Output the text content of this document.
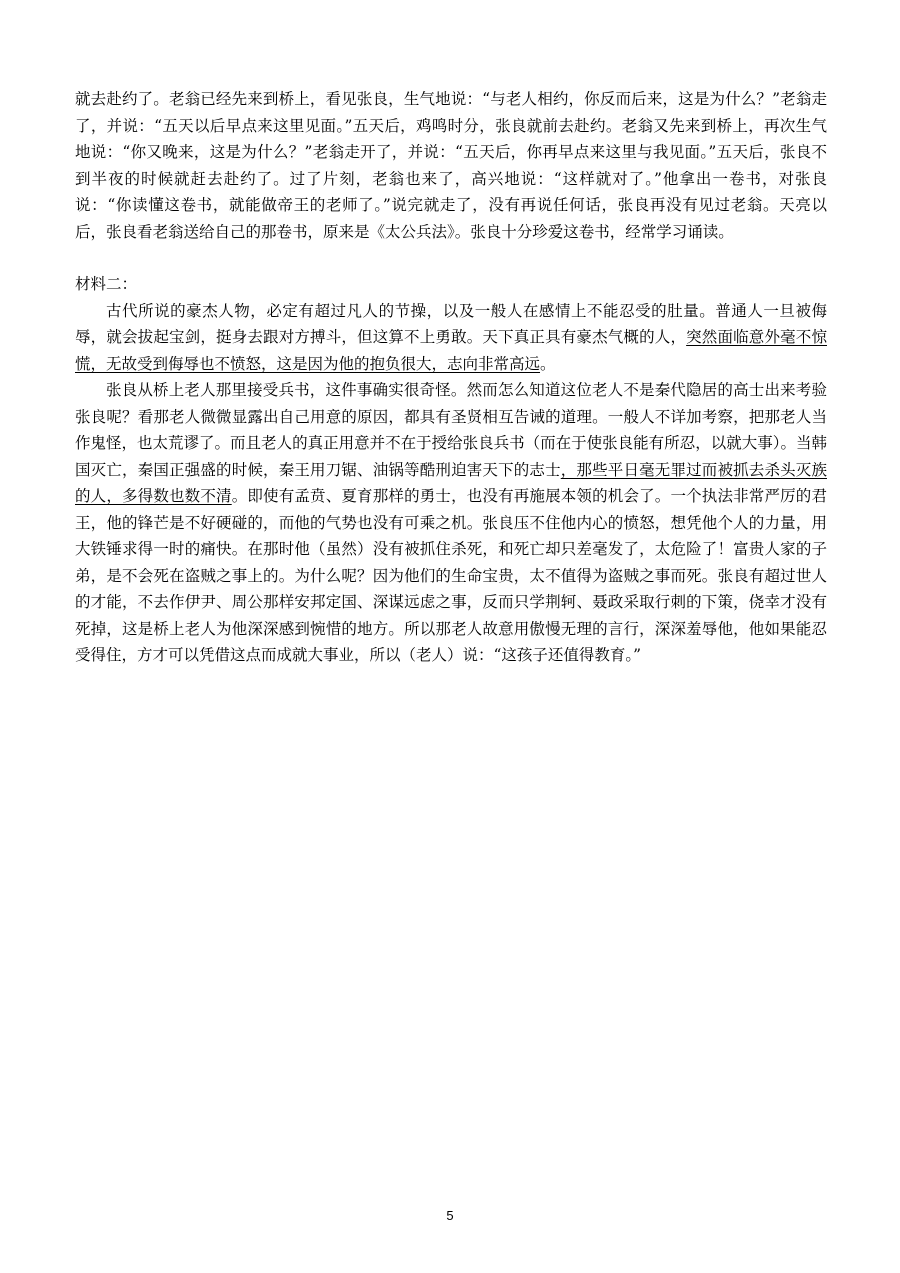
就去赴约了。老翁已经先来到桥上，看见张良，生气地说：“与老人相约，你反而后来，这是为什么？”老翁走了，并说：“五天以后早点来这里见面。”五天后，鸡鸣时分，张良就前去赴约。老翁又先来到桥上，再次生气地说：“你又晚来，这是为什么？”老翁走开了，并说：“五天后，你再早点来这里与我见面。”五天后，张良不到半夜的时候就赶去赴约了。过了片刻，老翁也来了，高兴地说：“这样就对了。”他拿出一卷书，对张良说：“你读懂这卷书，就能做帝王的老师了。”说完就走了，没有再说任何话，张良再没有见过老翁。天亮以后，张良看老翁送给自己的那卷书，原来是《太公兵法》。张良十分珍爱这卷书，经常学习诵读。

材料二：

古代所说的豪杰人物，必定有超过凡人的节操，以及一般人在感情上不能忍受的肚量。普通人一旦被侮辱，就会拔起宝剑，挺身去跟对方搏斗，但这算不上勇敢。天下真正具有豪杰气概的人，突然面临意外毫不惊慌，无故受到侮辱也不愤怒，这是因为他的抱负很大，志向非常高远。

张良从桥上老人那里接受兵书，这件事确实很奇怪。然而怎么知道这位老人不是秦代隐居的高士出来考验张良呢？看那老人微微显露出自己用意的原因，都具有圣贤相互告诫的道理。一般人不详加考察，把那老人当作鬼怪，也太荒谬了。而且老人的真正用意并不在于授给张良兵书（而在于使张良能有所忍，以就大事）。当韩国灭亡，秦国正强盛的时候，秦王用刀锯、油锅等酷刑迫害天下的志士，那些平日毫无罪过而被抓去杀头灭族的人，多得数也数不清。即使有孟贲、夏育那样的勇士，也没有再施展本领的机会了。一个执法非常严厉的君王，他的锋芒是不好硬碰的，而他的气势也没有可乘之机。张良压不住他内心的愤怒，想凭他个人的力量，用大铁锤求得一时的痛快。在那时他（虽然）没有被抓住杀死，和死亡却只差毫发了，太危险了！富贵人家的子弟，是不会死在盗贼之事上的。为什么呢？因为他们的生命宝贵，太不值得为盗贼之事而死。张良有超过世人的才能，不去作伊尹、周公那样安邦定国、深谋远虑之事，反而只学荆轲、聂政采取行刺的下策，侥幸才没有死掉，这是桥上老人为他深深感到惋惜的地方。所以那老人故意用傲慢无理的言行，深深羞辱他，他如果能忍受得住，方才可以凭借这点而成就大事业，所以（老人）说：“这孩子还值得教育。”

5
